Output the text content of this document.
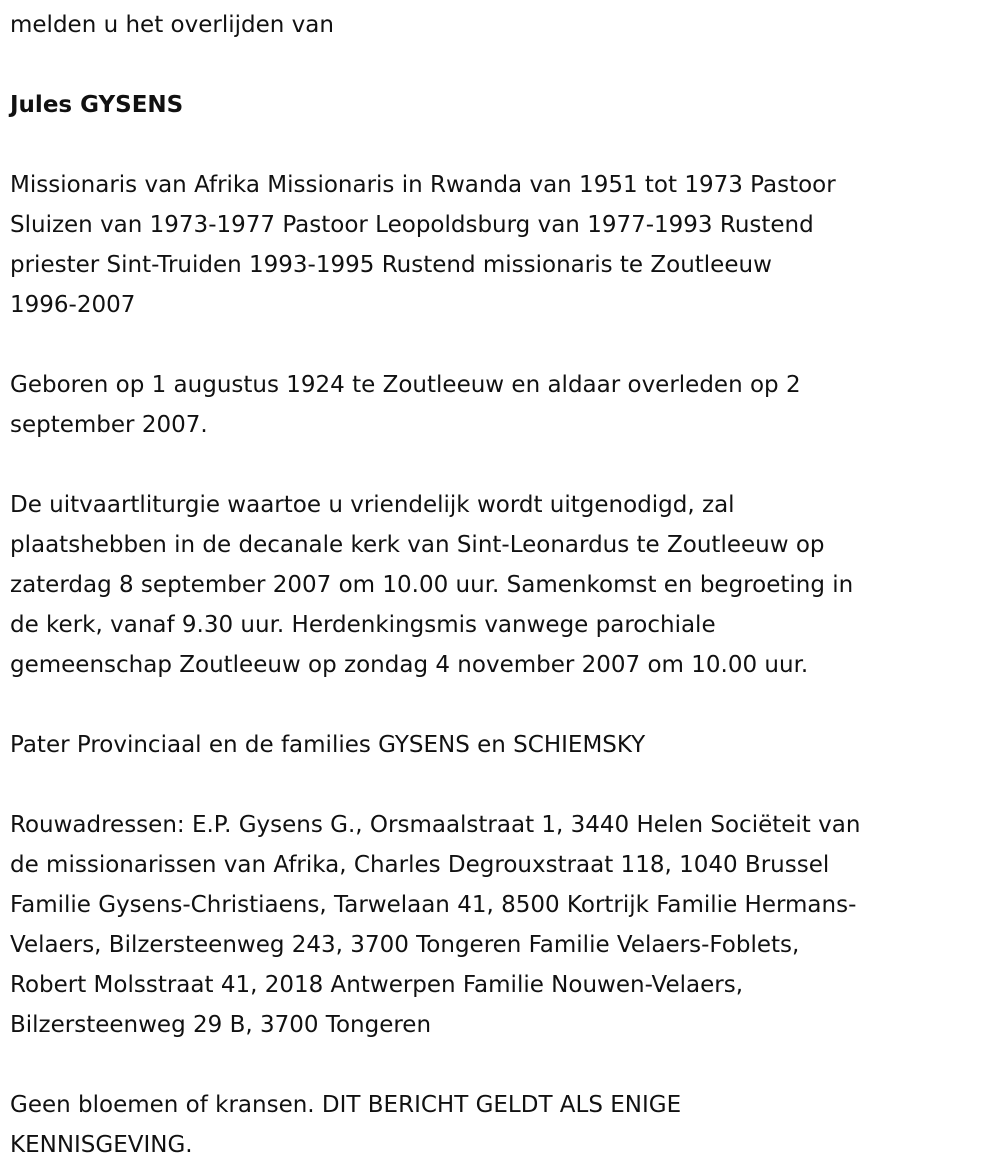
melden u het overlijden van

Jules GYSENS

Missionaris van Afrika Missionaris in Rwanda van 1951 tot 1973 Pastoor
Sluizen van 1973-1977 Pastoor Leopoldsburg van 1977-1993 Rustend
priester Sint-Truiden 1993-1995 Rustend missionaris te Zoutleeuw
1996-2007

Geboren op 1 augustus 1924 te Zoutleeuw en aldaar overleden op 2
september 2007.

De uitvaartliturgie waartoe u vriendelijk wordt uitgenodigd, zal
plaatshebben in de decanale kerk van Sint-Leonardus te Zoutleeuw op
zaterdag 8 september 2007 om 10.00 uur. Samenkomst en begroeting in
de kerk, vanaf 9.30 uur. Herdenkingsmis vanwege parochiale
gemeenschap Zoutleeuw op zondag 4 november 2007 om 10.00 uur.

Pater Provinciaal en de families GYSENS en SCHIEMSKY

Rouwadressen: E.P. Gysens G., Orsmaalstraat 1, 3440 Helen Sociëteit van
de missionarissen van Afrika, Charles Degrouxstraat 118, 1040 Brussel
Familie Gysens-Christiaens, Tarwelaan 41, 8500 Kortrijk Familie Hermans-
Velaers, Bilzersteenweg 243, 3700 Tongeren Familie Velaers-Foblets,
Robert Molsstraat 41, 2018 Antwerpen Familie Nouwen-Velaers,
Bilzersteenweg 29 B, 3700 Tongeren

Geen bloemen of kransen. DIT BERICHT GELDT ALS ENIGE
KENNISGEVING.
